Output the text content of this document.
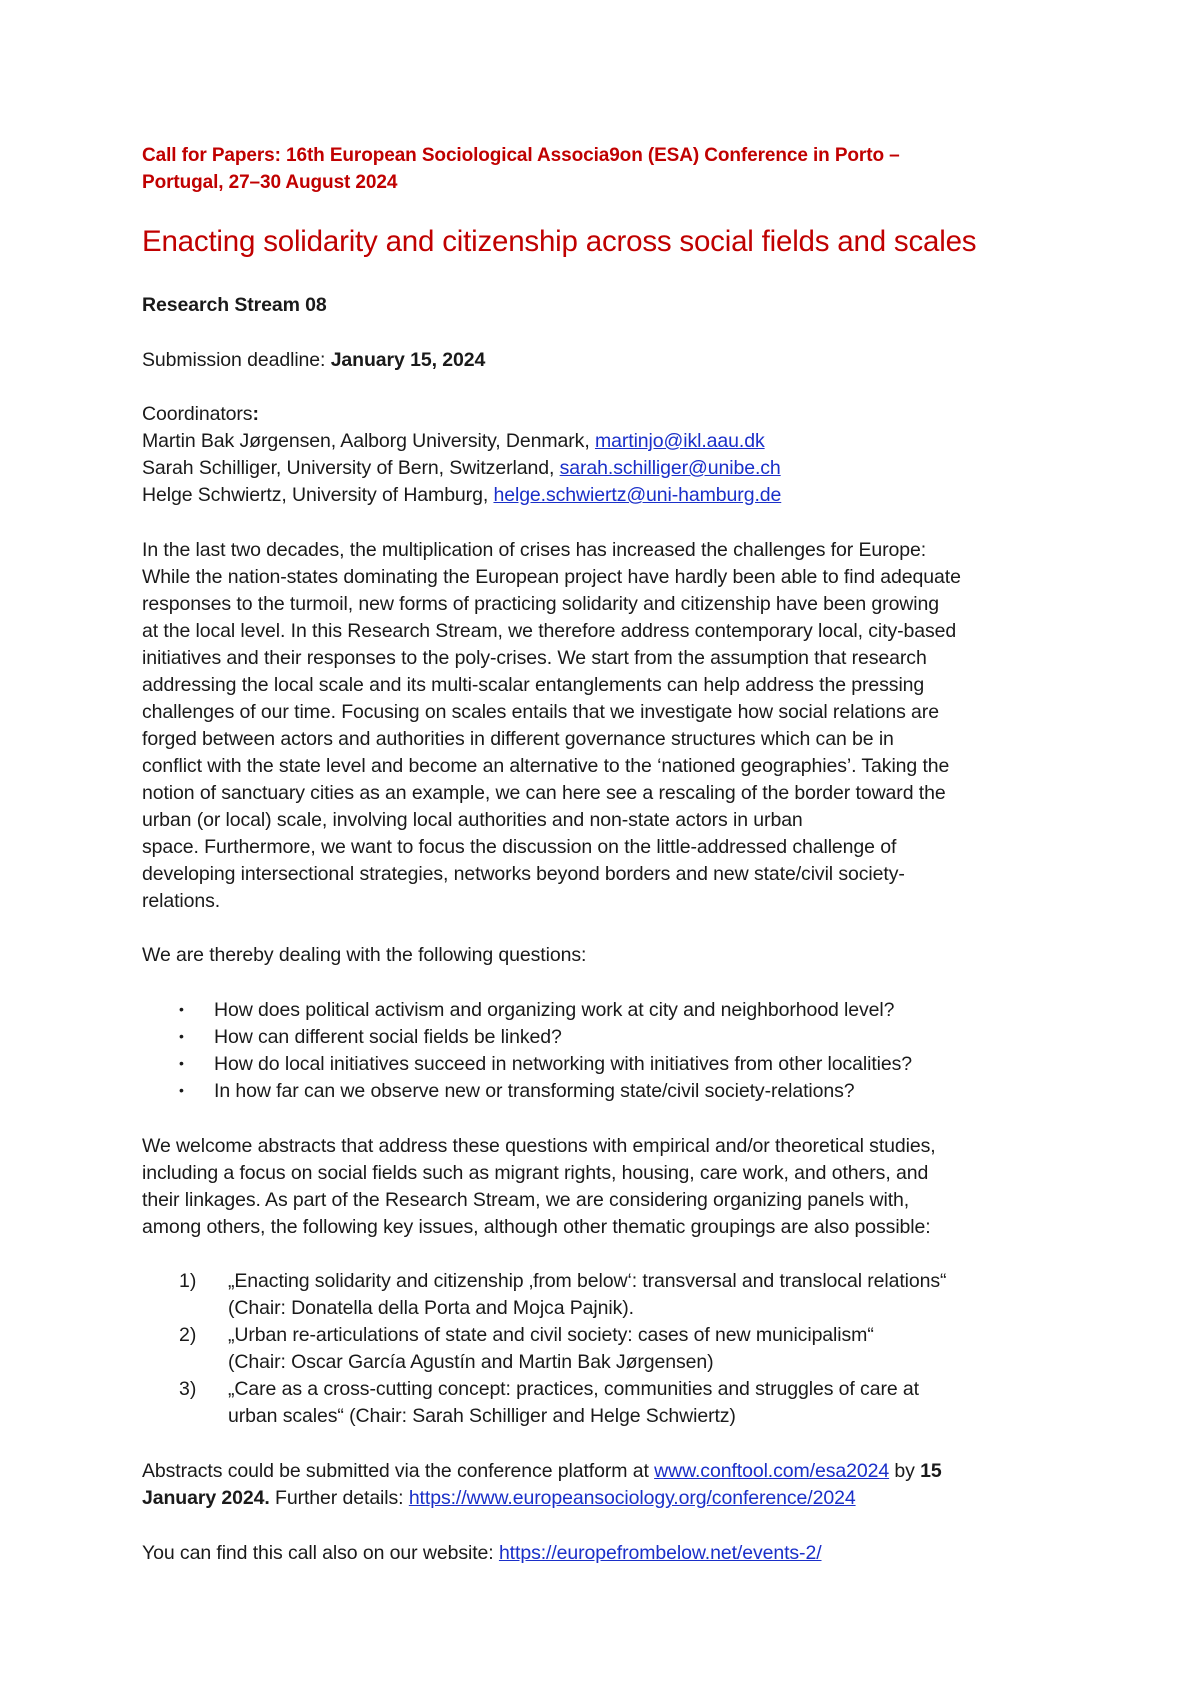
Call for Papers: 16th European Sociological Associa9on (ESA) Conference in Porto –
Portugal, 27–30 August 2024
Enacting solidarity and citizenship across social fields and scales
Research Stream 08
Submission deadline: January 15, 2024
Coordinators:
Martin Bak Jørgensen, Aalborg University, Denmark, martinjo@ikl.aau.dk
Sarah Schilliger, University of Bern, Switzerland, sarah.schilliger@unibe.ch
Helge Schwiertz, University of Hamburg, helge.schwiertz@uni-hamburg.de
In the last two decades, the multiplication of crises has increased the challenges for Europe:
While the nation-states dominating the European project have hardly been able to find adequate
responses to the turmoil, new forms of practicing solidarity and citizenship have been growing
at the local level. In this Research Stream, we therefore address contemporary local, city-based
initiatives and their responses to the poly-crises. We start from the assumption that research
addressing the local scale and its multi-scalar entanglements can help address the pressing
challenges of our time. Focusing on scales entails that we investigate how social relations are
forged between actors and authorities in different governance structures which can be in
conflict with the state level and become an alternative to the ‘nationed geographies’. Taking the
notion of sanctuary cities as an example, we can here see a rescaling of the border toward the
urban (or local) scale, involving local authorities and non-state actors in urban
space. Furthermore, we want to focus the discussion on the little-addressed challenge of
developing intersectional strategies, networks beyond borders and new state/civil society-
relations.
We are thereby dealing with the following questions:
• How does political activism and organizing work at city and neighborhood level?
• How can different social fields be linked?
• How do local initiatives succeed in networking with initiatives from other localities?
• In how far can we observe new or transforming state/civil society-relations?
We welcome abstracts that address these questions with empirical and/or theoretical studies,
including a focus on social fields such as migrant rights, housing, care work, and others, and
their linkages. As part of the Research Stream, we are considering organizing panels with,
among others, the following key issues, although other thematic groupings are also possible:
1) „Enacting solidarity and citizenship ‚from below‘: transversal and translocal relations“
(Chair: Donatella della Porta and Mojca Pajnik).
2) „Urban re-articulations of state and civil society: cases of new municipalism“
(Chair: Oscar García Agustín and Martin Bak Jørgensen)
3) „Care as a cross-cutting concept: practices, communities and struggles of care at
urban scales“ (Chair: Sarah Schilliger and Helge Schwiertz)
Abstracts could be submitted via the conference platform at www.conftool.com/esa2024 by 15
January 2024. Further details: https://www.europeansociology.org/conference/2024
You can find this call also on our website: https://europefrombelow.net/events-2/
